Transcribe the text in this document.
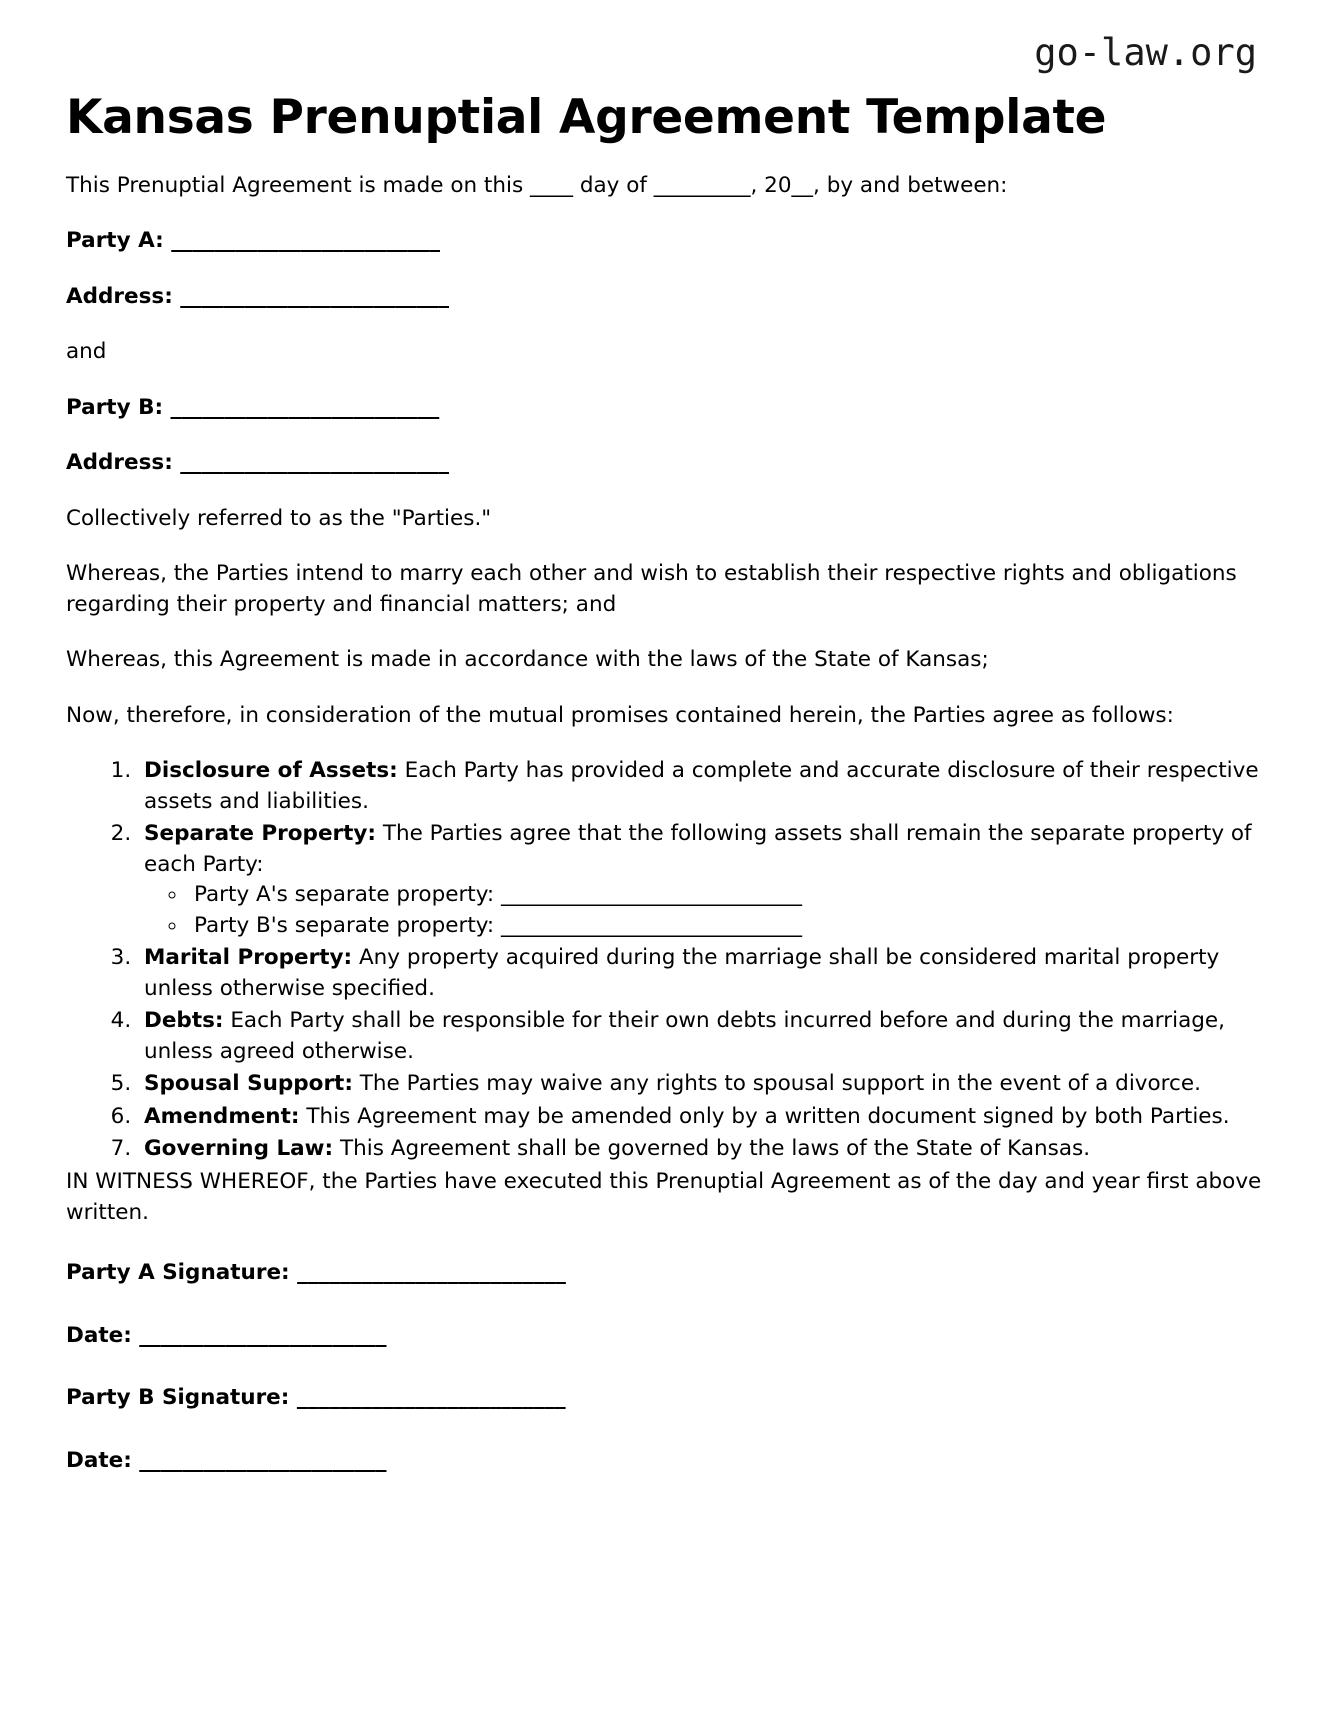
go-law.org
Kansas Prenuptial Agreement Template

This Prenuptial Agreement is made on this ____ day of _________, 20__, by and between:

Party A: _________________________

Address: _________________________

and

Party B: _________________________

Address: _________________________

Collectively referred to as the "Parties."

Whereas, the Parties intend to marry each other and wish to establish their respective rights and obligations regarding their property and financial matters; and

Whereas, this Agreement is made in accordance with the laws of the State of Kansas;

Now, therefore, in consideration of the mutual promises contained herein, the Parties agree as follows:

1. Disclosure of Assets: Each Party has provided a complete and accurate disclosure of their respective assets and liabilities.
2. Separate Property: The Parties agree that the following assets shall remain the separate property of each Party:
◦ Party A's separate property: ____________________________
◦ Party B's separate property: ____________________________
3. Marital Property: Any property acquired during the marriage shall be considered marital property unless otherwise specified.
4. Debts: Each Party shall be responsible for their own debts incurred before and during the marriage, unless agreed otherwise.
5. Spousal Support: The Parties may waive any rights to spousal support in the event of a divorce.
6. Amendment: This Agreement may be amended only by a written document signed by both Parties.
7. Governing Law: This Agreement shall be governed by the laws of the State of Kansas.

IN WITNESS WHEREOF, the Parties have executed this Prenuptial Agreement as of the day and year first above written.

Party A Signature: _________________________

Date: _______________________

Party B Signature: _________________________

Date: _______________________
